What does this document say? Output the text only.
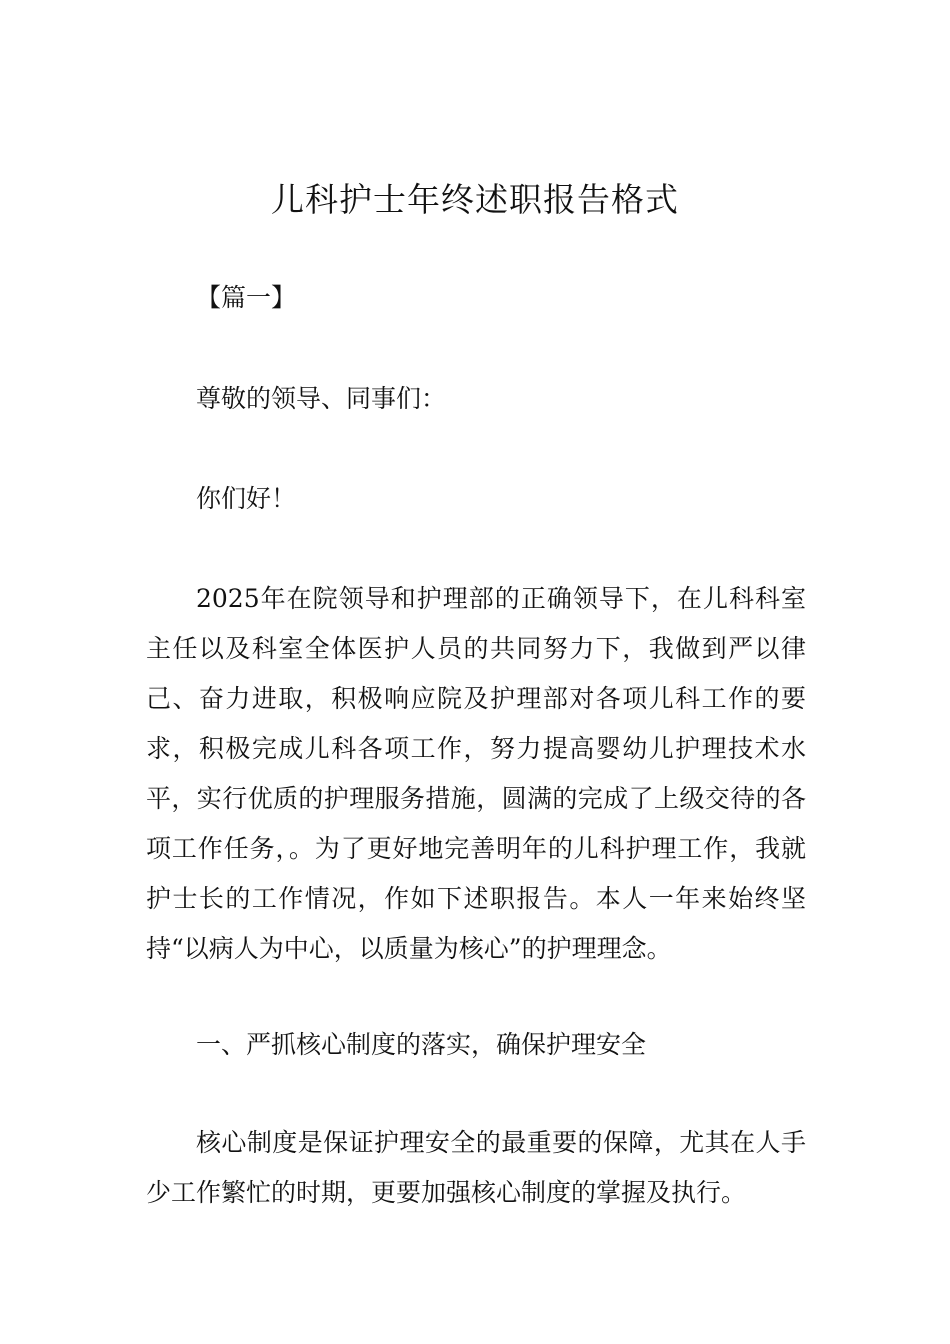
儿科护士年终述职报告格式

【篇一】

尊敬的领导、同事们：

你们好！

2025年在院领导和护理部的正确领导下，在儿科科室主任以及科室全体医护人员的共同努力下，我做到严以律己、奋力进取，积极响应院及护理部对各项儿科工作的要求，积极完成儿科各项工作，努力提高婴幼儿护理技术水平，实行优质的护理服务措施，圆满的完成了上级交待的各项工作任务，。为了更好地完善明年的儿科护理工作，我就护士长的工作情况，作如下述职报告。本人一年来始终坚持“以病人为中心，以质量为核心”的护理理念。

一、严抓核心制度的落实，确保护理安全

核心制度是保证护理安全的最重要的保障，尤其在人手少工作繁忙的时期，更要加强核心制度的掌握及执行。
